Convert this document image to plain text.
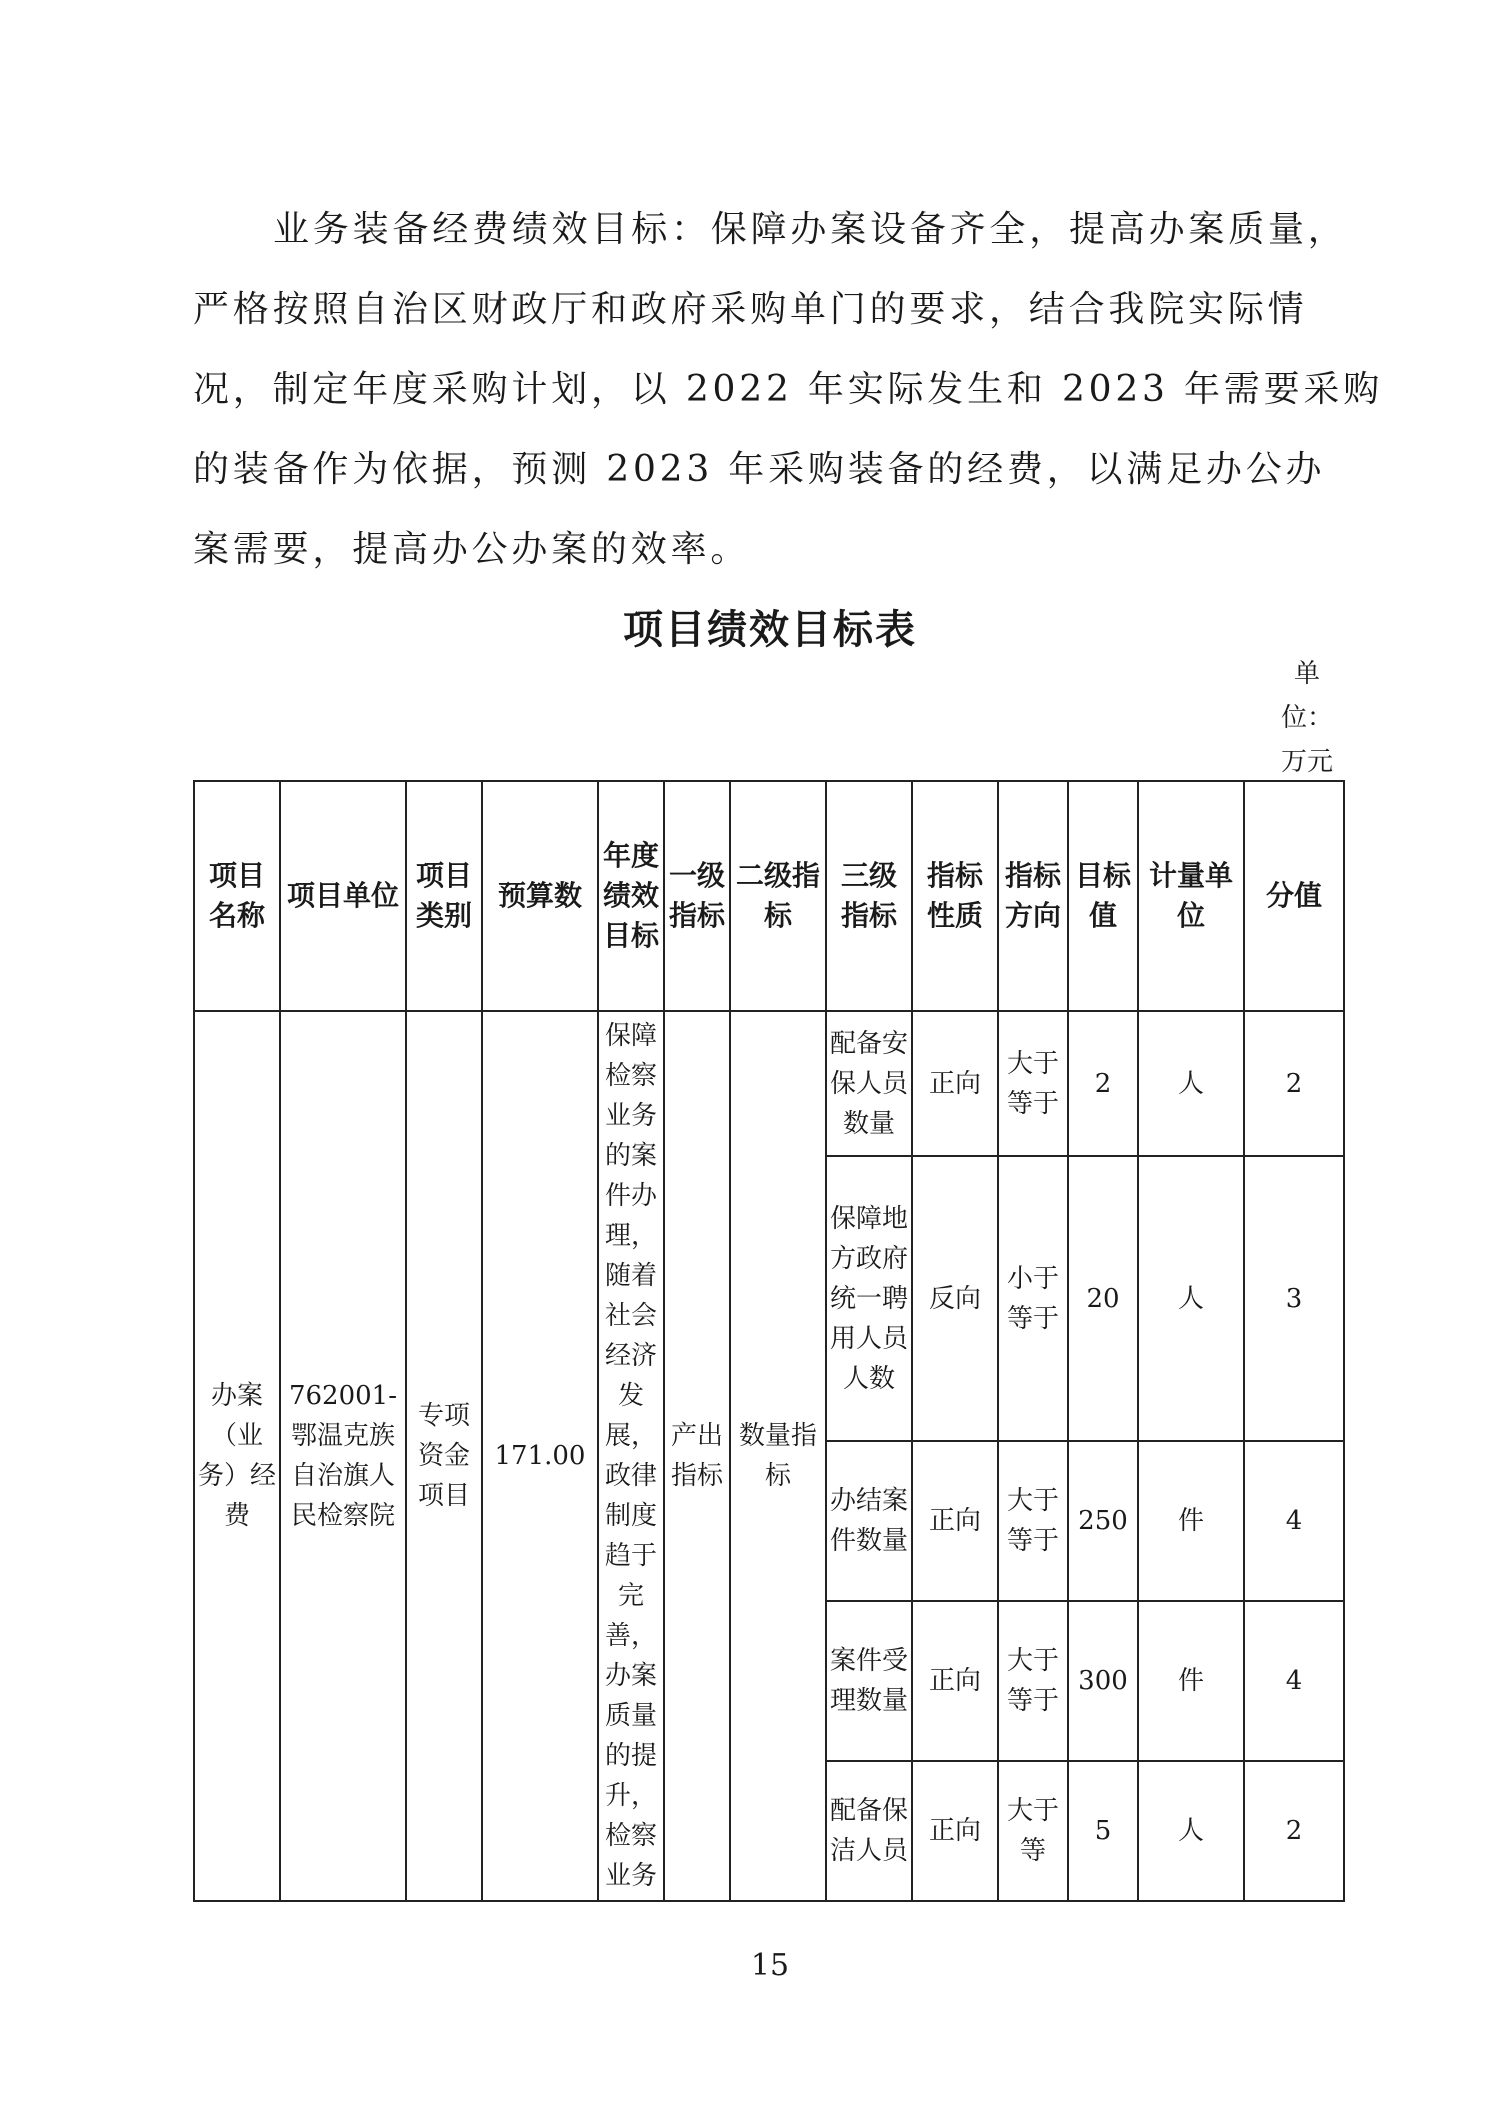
业务装备经费绩效目标：保障办案设备齐全，提高办案质量，
严格按照自治区财政厅和政府采购单门的要求，结合我院实际情
况，制定年度采购计划，以 2022 年实际发生和 2023 年需要采购
的装备作为依据，预测 2023 年采购装备的经费，以满足办公办
案需要，提高办公办案的效率。
项目绩效目标表
单位：万元
项目名称	项目单位	项目类别	预算数	年度绩效目标	一级指标	二级指标	三级指标	指标性质	指标方向	目标值	计量单位	分值
办案（业务）经费	762001-鄂温克族自治旗人民检察院	专项资金项目	171.00	保障检察业务的案件办理，随着社会经济发展，政律制度趋于完善，办案质量的提升，检察业务	产出指标	数量指标	配备安保人员数量	正向	大于等于	2	人	2
							保障地方政府统一聘用人员人数	反向	小于等于	20	人	3
							办结案件数量	正向	大于等于	250	件	4
							案件受理数量	正向	大于等于	300	件	4
							配备保洁人员	正向	大于等	5	人	2
15
